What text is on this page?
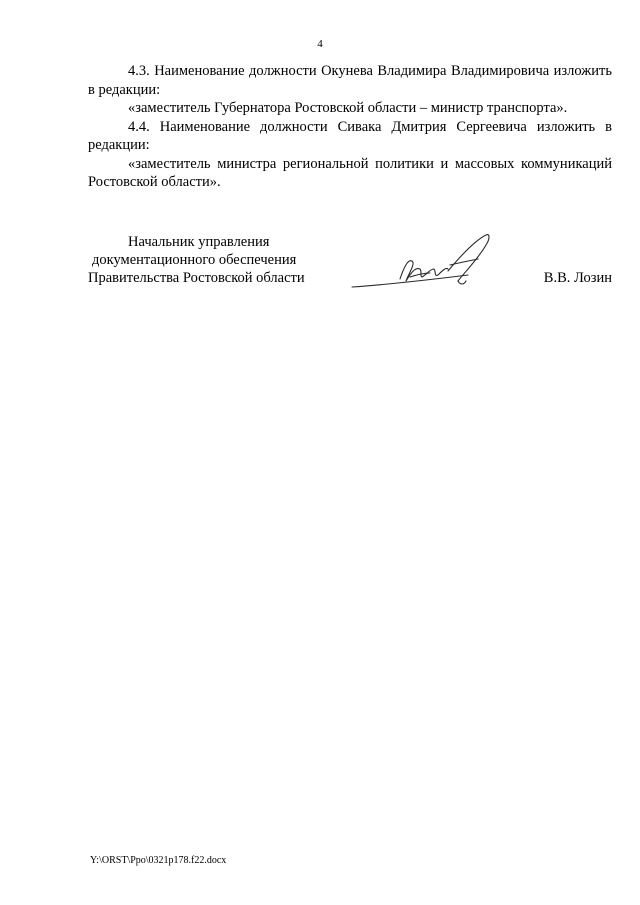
4

4.3. Наименование должности Окунева Владимира Владимировича изложить в редакции:

«заместитель Губернатора Ростовской области – министр транспорта».

4.4. Наименование должности Сивака Дмитрия Сергеевича изложить в редакции:

«заместитель министра региональной политики и массовых коммуникаций Ростовской области».

Начальник управления
документационного обеспечения
Правительства Ростовской области	В.В. Лозин
Y:\ORST\Ppo\0321p178.f22.docx
